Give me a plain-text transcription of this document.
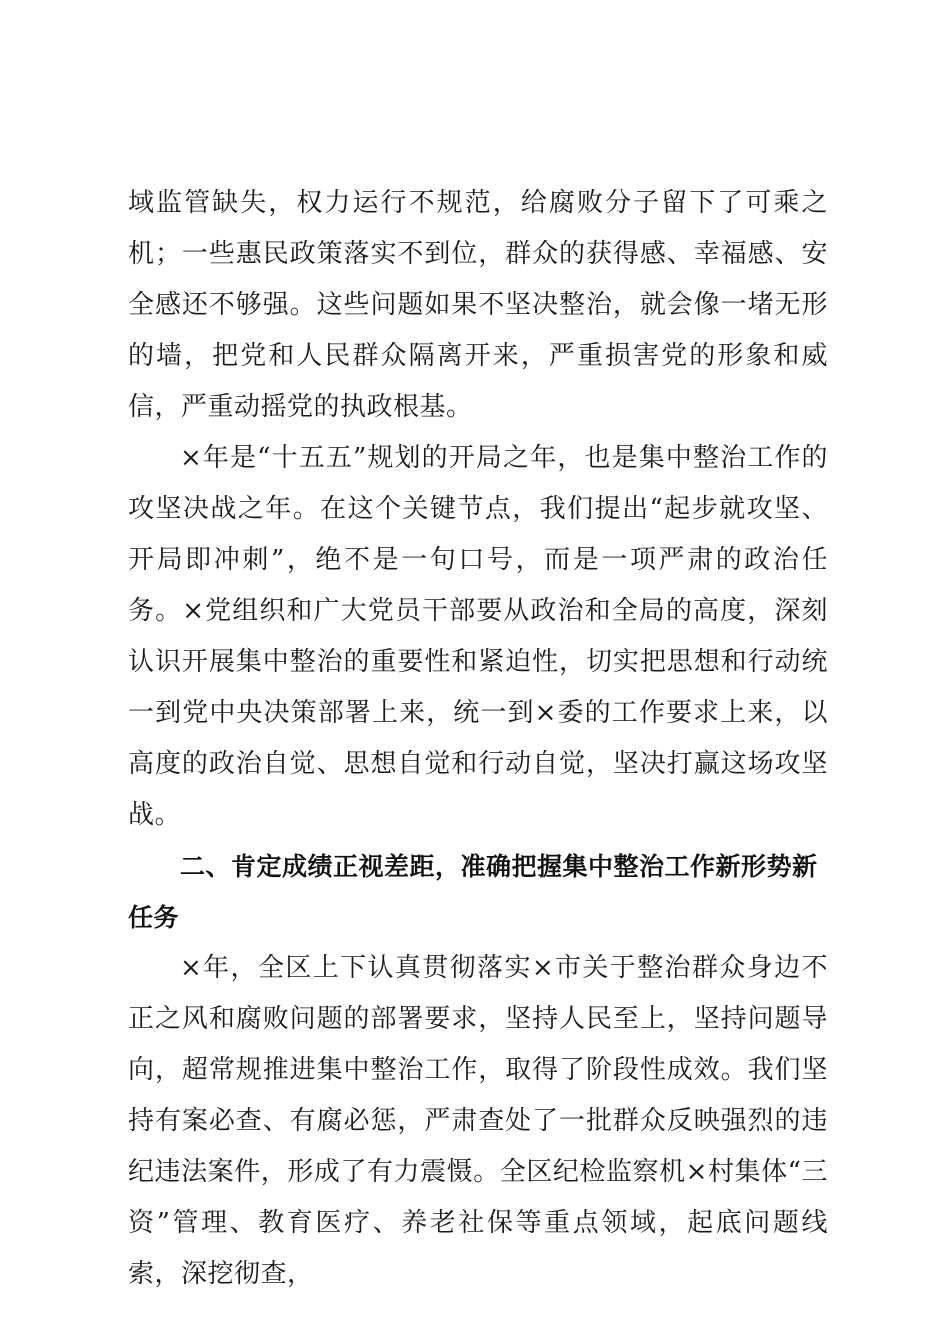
域监管缺失，权力运行不规范，给腐败分子留下了可乘之机；一些惠民政策落实不到位，群众的获得感、幸福感、安全感还不够强。这些问题如果不坚决整治，就会像一堵无形的墙，把党和人民群众隔离开来，严重损害党的形象和威信，严重动摇党的执政根基。

×年是“十五五”规划的开局之年，也是集中整治工作的攻坚决战之年。在这个关键节点，我们提出“起步就攻坚、开局即冲刺”，绝不是一句口号，而是一项严肃的政治任务。×党组织和广大党员干部要从政治和全局的高度，深刻认识开展集中整治的重要性和紧迫性，切实把思想和行动统一到党中央决策部署上来，统一到×委的工作要求上来，以高度的政治自觉、思想自觉和行动自觉，坚决打赢这场攻坚战。

二、肯定成绩正视差距，准确把握集中整治工作新形势新任务

×年，全区上下认真贯彻落实×市关于整治群众身边不正之风和腐败问题的部署要求，坚持人民至上，坚持问题导向，超常规推进集中整治工作，取得了阶段性成效。我们坚持有案必查、有腐必惩，严肃查处了一批群众反映强烈的违纪违法案件，形成了有力震慑。全区纪检监察机×村集体“三资”管理、教育医疗、养老社保等重点领域，起底问题线索，深挖彻查，
